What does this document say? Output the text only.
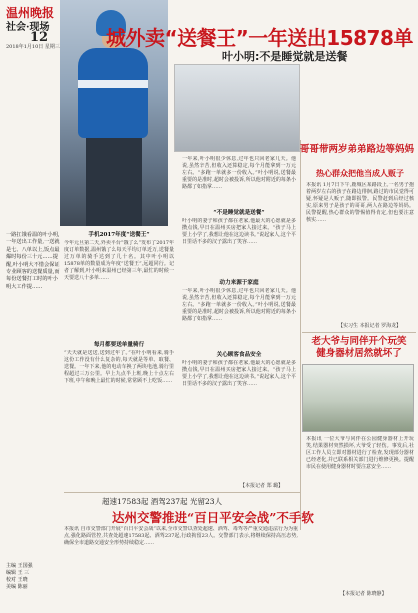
温州晚报
社会·现场
12
2018年1月10日 星期三
一路扛饿看温的叶小明,一年送出工作量,一送就是七、八单以上,饭点最爆时每份三十元……提醒,叶小明大不惜会保证专业顾客的送餐质量,而每份送餐打工时的叶小明大工作提……
城外卖“送餐王”一年送出15878单
叶小明:不是睡觉就是送餐
手机2017年度“送餐王”
今年元旦第二天,外卖平台“饿了么”发布了2017年度订单数据,温州饿了么每天平均订单近万,送餐量过万单的骑手达到了几十名。其中叶小明以15878单的数量成为年度“送餐王”,远超同行。记者了解到,叶小明来温州已经第三年,最忙的时候一天要送八十多单……
每月都要送单量骑行
“天天就是送送,送到过年了。”在叶小明看来,骑手这份工作没有什么复杂的,每天就是等单、取餐、送餐。一年下来,他的电动车换了两块电池,骑行里程超过三万公里。早上九点半上班,晚上十点左右下班,中午和晚上最忙的时候,常常顾不上吃饭……
一年来,叶小明很少休息,过年也只回老家几天。他说,虽然辛苦,但收入还算稳定,每个月能拿到一万元左右。“多跑一单就多一份收入。”叶小明说,送餐最重要的是准时,超时会被投诉,所以他对附近的每条小路都了如指掌……
“不是睡觉就是送餐”
叶小明的妻子和孩子都在老家,他最大的心愿就是多攒点钱,早日在温州买房把家人接过来。“孩子马上要上小学了,我想让他在这边读书。”说起家人,这个平日里话不多的汉子露出了笑容……
动力来源于家庭
一年来,叶小明很少休息,过年也只回老家几天。他说,虽然辛苦,但收入还算稳定,每个月能拿到一万元左右。“多跑一单就多一份收入。”叶小明说,送餐最重要的是准时,超时会被投诉,所以他对附近的每条小路都了如指掌……
关心顾客食品安全
叶小明的妻子和孩子都在老家,他最大的心愿就是多攒点钱,早日在温州买房把家人接过来。“孩子马上要上小学了,我想让他在这边读书。”说起家人,这个平日里话不多的汉子露出了笑容……
【本报记者 郑 璐】
哥哥带两岁弟弟路边等妈妈
热心群众把他当成人贩子
本报讯 1月7日下午,鹿城区某路段上,一名男子抱着两岁左右的孩子在路边徘徊,路过的市民觉得可疑,怀疑是人贩子,随即报警。民警赶到后经过核实,原来男子是孩子的哥哥,两人在路边等妈妈。民警提醒,热心群众的警惕值得肯定,但也要注意核实……
【实习生 本报记者 罗海龙】
老大爷与同伴开个玩笑
健身器材居然就坏了
本报讯 一位大爷与同伴在公园健身器材上开玩笑,结果器材突然损坏,大爷受了轻伤。事发后,社区工作人员立即对器材进行了检查,发现部分器材已经老化,并已联系相关部门进行维修更换。提醒市民在使用健身器材时要注意安全……
【本报记者 陈晓静】
超速17583起 酒驾237起 光留23人
达州交警推进“百日平安会战”不手软
本报讯 自市交警部门开展“百日平安会战”以来,全市交警以查处超速、酒驾、毒驾等严重交通违法行为为重点,强化路面管控,共查处超速17583起、酒驾237起,行政拘留23人。交警部门表示,将继续保持高压态势,确保全市道路交通安全形势持续稳定……
主编 王国强
编辑 王 三
校对 王晓
美编 陈丽
